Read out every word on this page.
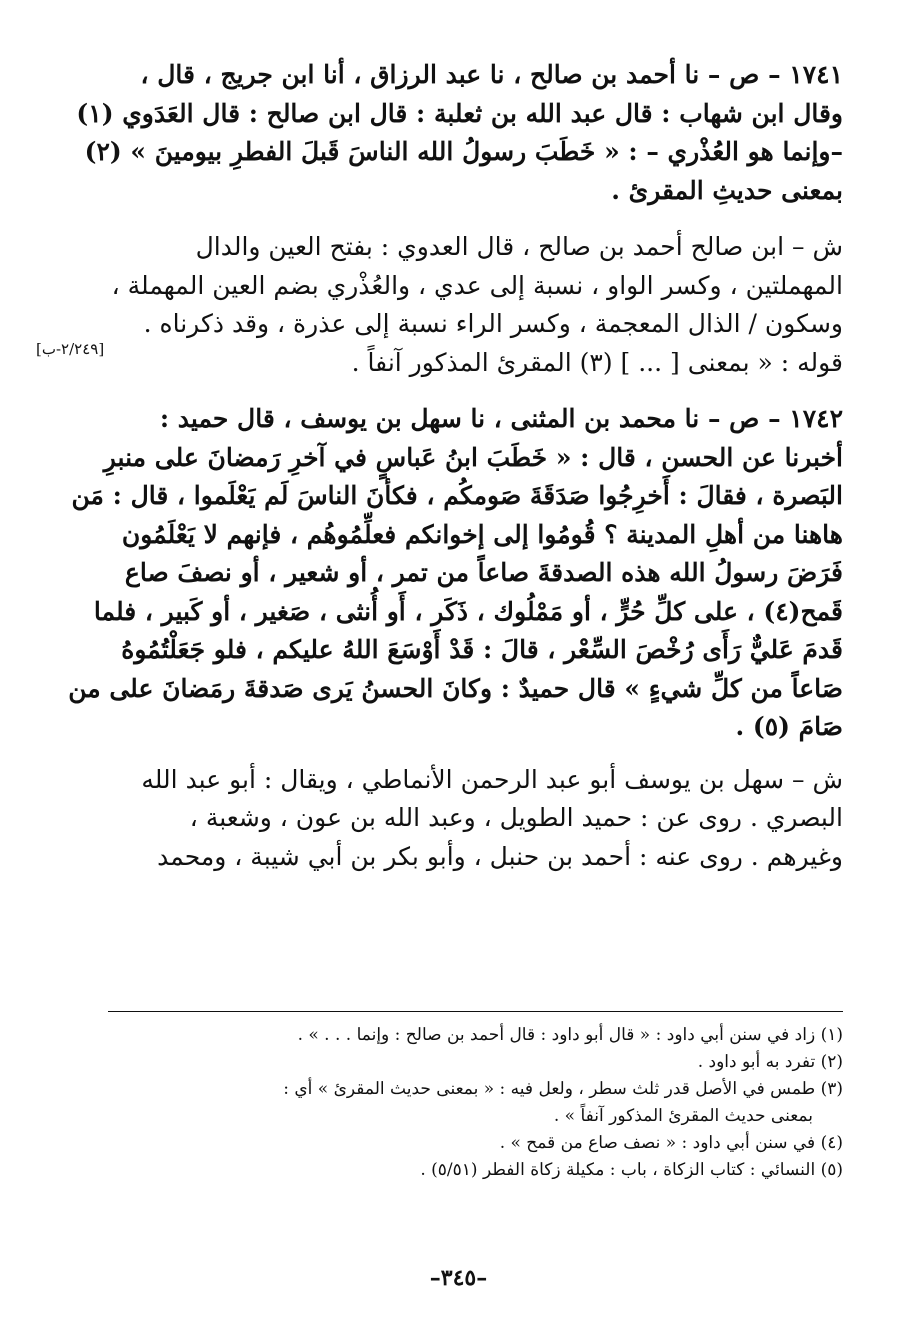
[٢/٢٤٩-ب]
١٧٤١ – ص – نا أحمد بن صالح ، نا عبد الرزاق ، أنا ابن جريج ، قال ،
وقال ابن شهاب : قال عبد الله بن ثعلبة : قال ابن صالح : قال العَدَوي (١)
–وإنما هو العُذْري – : « خَطَبَ رسولُ الله الناسَ قَبلَ الفطرِ بيومينَ » (٢)
بمعنى حديثِ المقرئ .
ش – ابن صالح أحمد بن صالح ، قال العدوي : بفتح العين والدال
المهملتين ، وكسر الواو ، نسبة إلى عدي ، والعُذْري بضم العين المهملة ،
وسكون / الذال المعجمة ، وكسر الراء نسبة إلى عذرة ، وقد ذكرناه .
قوله : « بمعنى [ ... ] (٣) المقرئ المذكور آنفاً .
١٧٤٢ – ص – نا محمد بن المثنى ، نا سهل بن يوسف ، قال حميد :
أخبرنا عن الحسن ، قال : « خَطَبَ ابنُ عَباسٍ في آخرِ رَمضانَ على منبرِ
البَصرة ، فقالَ : أَخرِجُوا صَدَقَةَ صَومكُم ، فكأنَ الناسَ لَم يَعْلَموا ، قال : مَن
هاهنا من أهلِ المدينة ؟ قُومُوا إلى إخوانكم فعلِّمُوهُم ، فإنهم لا يَعْلَمُون
فَرَضَ رسولُ الله هذه الصدقةَ صاعاً من تمر ، أو شعير ، أو نصفَ صاع
قَمح(٤) ، على كلِّ حُرٍّ ، أو مَمْلُوك ، ذَكَر ، أَو أُنثى ، صَغير ، أو كَبير ، فلما
قَدمَ عَليٌّ رَأَى رُخْصَ السِّعْر ، قالَ : قَدْ أَوْسَعَ اللهُ عليكم ، فلو جَعَلْتُمُوهُ
صَاعاً من كلِّ شيءٍ » قال حميدٌ : وكانَ الحسنُ يَرى صَدقةَ رمَضانَ على من
صَامَ (٥) .
ش – سهل بن يوسف أبو عبد الرحمن الأنماطي ، ويقال : أبو عبد الله
البصري . روى عن : حميد الطويل ، وعبد الله بن عون ، وشعبة ،
وغيرهم . روى عنه : أحمد بن حنبل ، وأبو بكر بن أبي شيبة ، ومحمد
(١) زاد في سنن أبي داود : « قال أبو داود : قال أحمد بن صالح : وإنما . . . » .
(٢) تفرد به أبو داود .
(٣) طمس في الأصل قدر ثلث سطر ، ولعل فيه : « بمعنى حديث المقرئ » أي :
بمعنى حديث المقرئ المذكور آنفاً » .
(٤) في سنن أبي داود : « نصف صاع من قمح » .
(٥) النسائي : كتاب الزكاة ، باب : مكيلة زكاة الفطر (٥/٥١) .
–٣٤٥–
